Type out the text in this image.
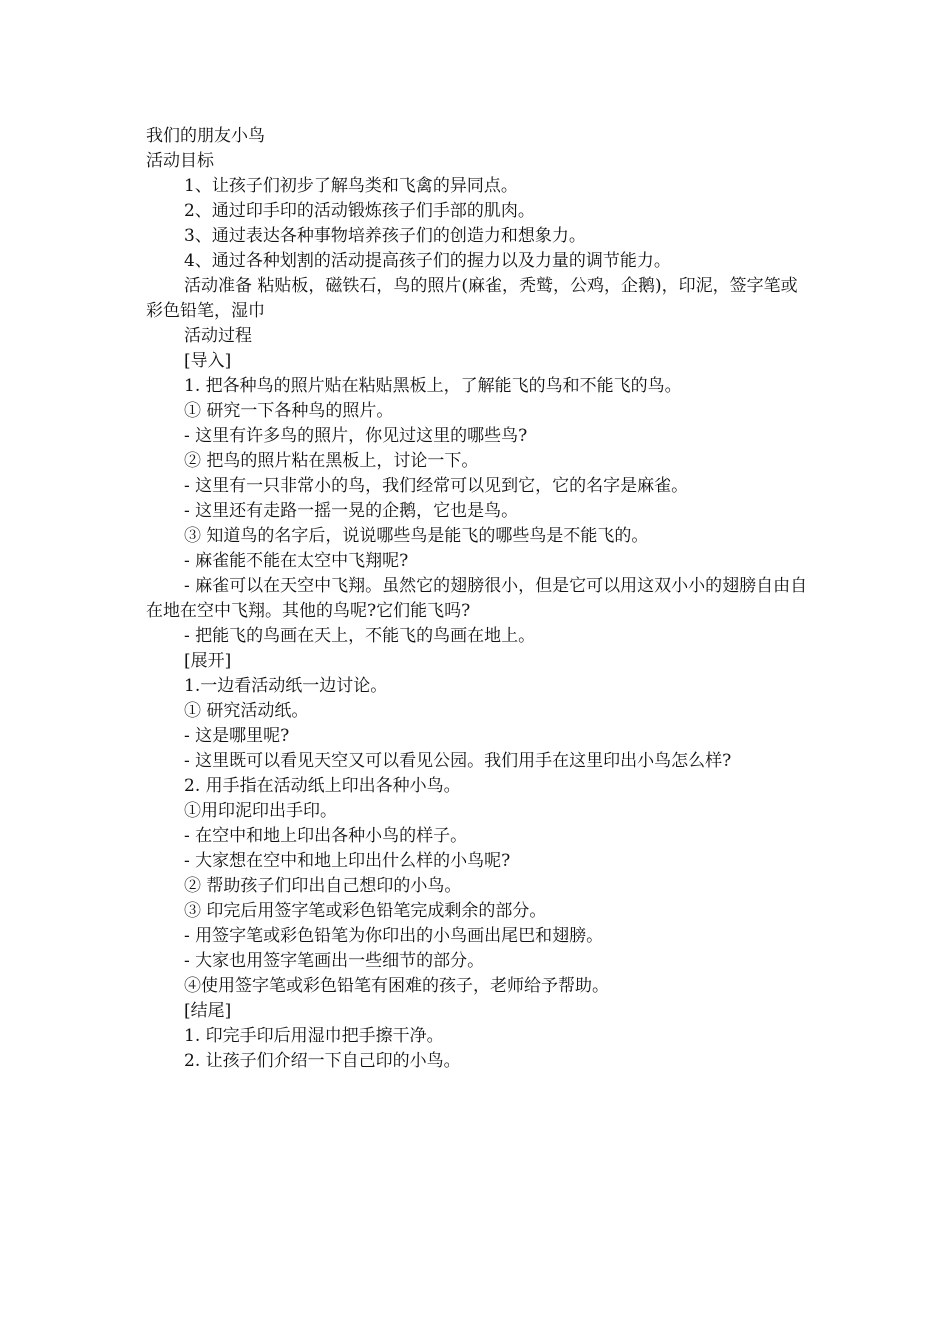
我们的朋友小鸟
活动目标
1、让孩子们初步了解鸟类和飞禽的异同点。
2、通过印手印的活动锻炼孩子们手部的肌肉。
3、通过表达各种事物培养孩子们的创造力和想象力。
4、通过各种划割的活动提高孩子们的握力以及力量的调节能力。
活动准备 粘贴板，磁铁石，鸟的照片(麻雀，秃鹫，公鸡，企鹅)，印泥，签字笔或彩色铅笔，湿巾
活动过程
[导入]
1. 把各种鸟的照片贴在粘贴黑板上，了解能飞的鸟和不能飞的鸟。
① 研究一下各种鸟的照片。
- 这里有许多鸟的照片，你见过这里的哪些鸟?
② 把鸟的照片粘在黑板上，讨论一下。
- 这里有一只非常小的鸟，我们经常可以见到它，它的名字是麻雀。
- 这里还有走路一摇一晃的企鹅，它也是鸟。
③ 知道鸟的名字后，说说哪些鸟是能飞的哪些鸟是不能飞的。
- 麻雀能不能在太空中飞翔呢?
- 麻雀可以在天空中飞翔。虽然它的翅膀很小，但是它可以用这双小小的翅膀自由自在地在空中飞翔。其他的鸟呢?它们能飞吗?
- 把能飞的鸟画在天上，不能飞的鸟画在地上。
[展开]
1.一边看活动纸一边讨论。
① 研究活动纸。
- 这是哪里呢?
- 这里既可以看见天空又可以看见公园。我们用手在这里印出小鸟怎么样?
2. 用手指在活动纸上印出各种小鸟。
①用印泥印出手印。
- 在空中和地上印出各种小鸟的样子。
- 大家想在空中和地上印出什么样的小鸟呢?
② 帮助孩子们印出自己想印的小鸟。
③ 印完后用签字笔或彩色铅笔完成剩余的部分。
- 用签字笔或彩色铅笔为你印出的小鸟画出尾巴和翅膀。
- 大家也用签字笔画出一些细节的部分。
④使用签字笔或彩色铅笔有困难的孩子，老师给予帮助。
[结尾]
1. 印完手印后用湿巾把手擦干净。
2. 让孩子们介绍一下自己印的小鸟。
